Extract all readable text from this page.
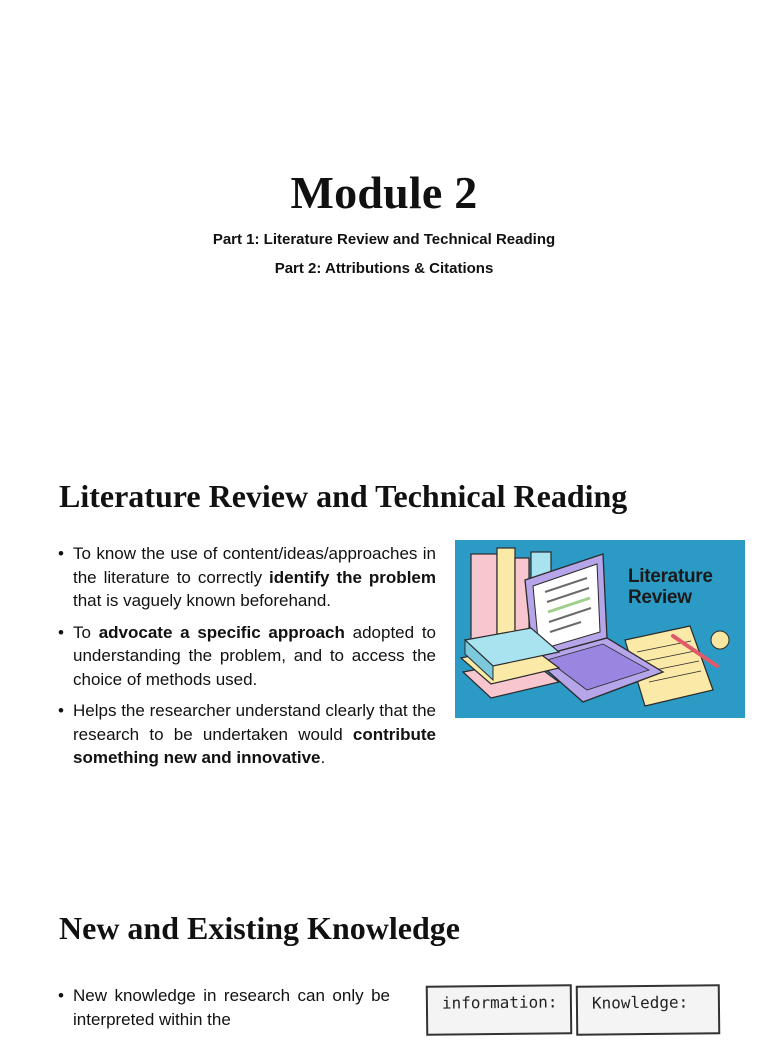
Module 2

Part 1: Literature Review and Technical Reading

Part 2: Attributions & Citations

Literature Review and Technical Reading
• To know the use of content/ideas/approaches in the literature to correctly identify the problem that is vaguely known beforehand.
• To advocate a specific approach adopted to understanding the problem, and to access the choice of methods used.
• Helps the researcher understand clearly that the research to be undertaken would contribute something new and innovative.
Literature
Review
New and Existing Knowledge
• New knowledge in research can only be interpreted within the
information:	Knowledge:
